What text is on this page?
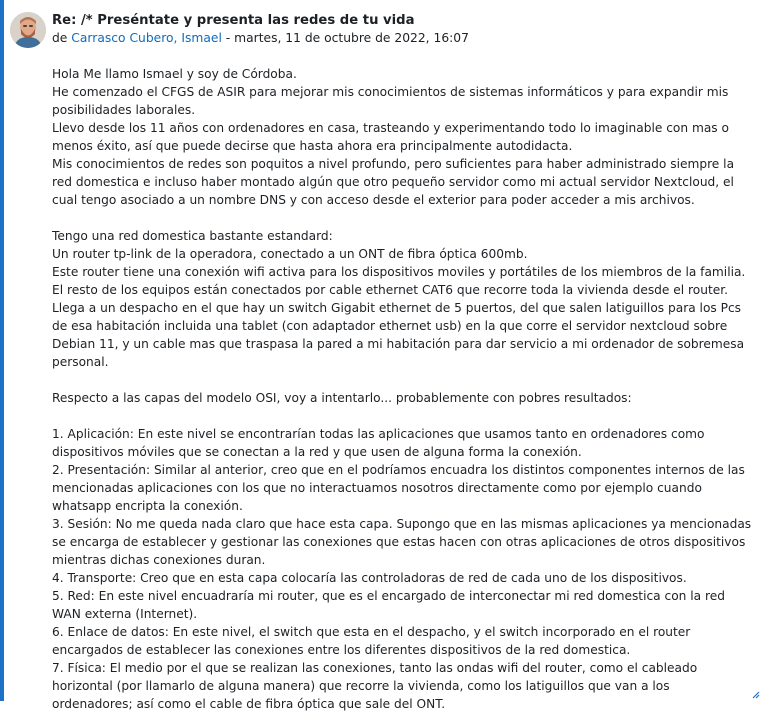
Re: /* Preséntate y presenta las redes de tu vida
de Carrasco Cubero, Ismael - martes, 11 de octubre de 2022, 16:07

Hola Me llamo Ismael y soy de Córdoba.

He comenzado el CFGS de ASIR para mejorar mis conocimientos de sistemas informáticos y para expandir mis posibilidades laborales.

Llevo desde los 11 años con ordenadores en casa, trasteando y experimentando todo lo imaginable con mas o menos éxito, así que puede decirse que hasta ahora era principalmente autodidacta.

Mis conocimientos de redes son poquitos a nivel profundo, pero suficientes para haber administrado siempre la red domestica e incluso haber montado algún que otro pequeño servidor como mi actual servidor Nextcloud, el cual tengo asociado a un nombre DNS y con acceso desde el exterior para poder acceder a mis archivos.

Tengo una red domestica bastante estandard:

Un router tp-link de la operadora, conectado a un ONT de fibra óptica 600mb.

Este router tiene una conexión wifi activa para los dispositivos moviles y portátiles de los miembros de la familia.

El resto de los equipos están conectados por cable ethernet CAT6 que recorre toda la vivienda desde el router. Llega a un despacho en el que hay un switch Gigabit ethernet de 5 puertos, del que salen latiguillos para los Pcs de esa habitación incluida una tablet (con adaptador ethernet usb) en la que corre el servidor nextcloud sobre Debian 11, y un cable mas que traspasa la pared a mi habitación para dar servicio a mi ordenador de sobremesa personal.

Respecto a las capas del modelo OSI, voy a intentarlo... probablemente con pobres resultados:

1. Aplicación: En este nivel se encontrarían todas las aplicaciones que usamos tanto en ordenadores como dispositivos móviles que se conectan a la red y que usen de alguna forma la conexión.

2. Presentación: Similar al anterior, creo que en el podríamos encuadra los distintos componentes internos de las mencionadas aplicaciones con los que no interactuamos nosotros directamente como por ejemplo cuando whatsapp encripta la conexión.

3. Sesión: No me queda nada claro que hace esta capa. Supongo que en las mismas aplicaciones ya mencionadas se encarga de establecer y gestionar las conexiones que estas hacen con otras aplicaciones de otros dispositivos mientras dichas conexiones duran.

4. Transporte: Creo que en esta capa colocaría las controladoras de red de cada uno de los dispositivos.

5. Red: En este nivel encuadraría mi router, que es el encargado de interconectar mi red domestica con la red WAN externa (Internet).

6. Enlace de datos: En este nivel, el switch que esta en el despacho, y el switch incorporado en el router encargados de establecer las conexiones entre los diferentes dispositivos de la red domestica.

7. Física: El medio por el que se realizan las conexiones, tanto las ondas wifi del router, como el cableado horizontal (por llamarlo de alguna manera) que recorre la vivienda, como los latiguillos que van a los ordenadores; así como el cable de fibra óptica que sale del ONT.
